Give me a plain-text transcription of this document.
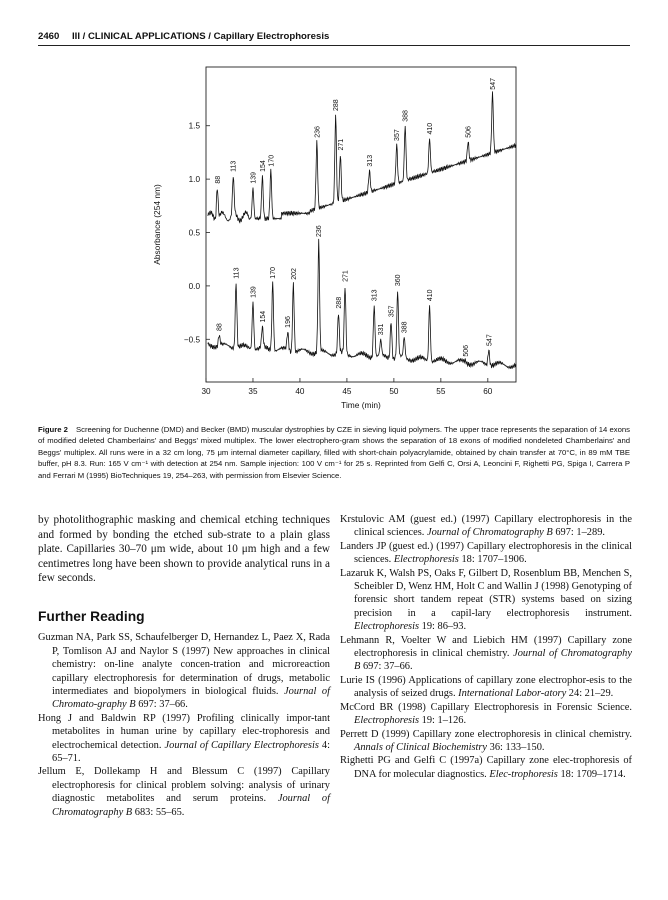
2460 III / CLINICAL APPLICATIONS / Capillary Electrophoresis
30	35	40	45	50	55	60
−0.5
0.0
0.5
1.0
1.5
Time (min)
Absorbance (254 nm)
88
113
139
154 170
236
288
271
313
357
388
410	506
547
88
113
139
154
170
196
202
236
288
271
313
331
357
360
388
410
506
547
Figure 2 Screening for Duchenne (DMD) and Becker (BMD) muscular dystrophies by CZE in sieving liquid polymers. The upper trace represents the separation of 14 exons of modified deleted Chamberlains' and Beggs' mixed multiplex. The lower electrophero-gram shows the separation of 18 exons of modified nondeleted Chamberlains' and Beggs' multiplex. All runs were in a 32 cm long, 75 μm internal diameter capillary, filled with short-chain polyacrylamide, obtained by chain transfer at 70°C, in 89 mM TBE buffer, pH 8.3. Run: 165 V cm⁻¹ with detection at 254 nm. Sample injection: 100 V cm⁻¹ for 25 s. Reprinted from Gelfi C, Orsi A, Leoncini F, Righetti PG, Spiga I, Carrera P and Ferrari M (1995) BioTechniques 19, 254–263, with permission from Elsevier Science.

by photolithographic masking and chemical etching techniques and formed by bonding the etched sub-strate to a plain glass plate. Capillaries 30–70 μm wide, about 10 μm high and a few centimetres long have been shown to provide analytical runs in a few seconds.

Further Reading

Guzman NA, Park SS, Schaufelberger D, Hernandez L, Paez X, Rada P, Tomlison AJ and Naylor S (1997) New approaches in clinical chemistry: on-line analyte concen-tration and microreaction capillary electrophoresis for determination of drugs, metabolic intermediates and biopolymers in biological fluids. Journal of Chromato-graphy B 697: 37–66.

Hong J and Baldwin RP (1997) Profiling clinically impor-tant metabolites in human urine by capillary elec-trophoresis and electrochemical detection. Journal of Capillary Electrophoresis 4: 65–71.

Jellum E, Dollekamp H and Blessum C (1997) Capillary electrophoresis for clinical problem solving: analysis of urinary diagnostic metabolites and serum proteins. Journal of Chromatography B 683: 55–65.

Krstulovic AM (guest ed.) (1997) Capillary electrophoresis in the clinical sciences. Journal of Chromatography B 697: 1–289.

Landers JP (guest ed.) (1997) Capillary electrophoresis in the clinical sciences. Electrophoresis 18: 1707–1906.

Lazaruk K, Walsh PS, Oaks F, Gilbert D, Rosenblum BB, Menchen S, Scheibler D, Wenz HM, Holt C and Wallin J (1998) Genotyping of forensic short tandem repeat (STR) systems based on sizing precision in a capil-lary electrophoresis instrument. Electrophoresis 19: 86–93.

Lehmann R, Voelter W and Liebich HM (1997) Capillary zone electrophoresis in clinical chemistry. Journal of Chromatography B 697: 37–66.

Lurie IS (1996) Applications of capillary zone electrophor-esis to the analysis of seized drugs. International Labor-atory 24: 21–29.

McCord BR (1998) Capillary Electrophoresis in Forensic Science. Electrophoresis 19: 1–126.

Perrett D (1999) Capillary zone electrophoresis in clinical chemistry. Annals of Clinical Biochemistry 36: 133–150.

Righetti PG and Gelfi C (1997a) Capillary zone elec-trophoresis of DNA for molecular diagnostics. Elec-trophoresis 18: 1709–1714.
